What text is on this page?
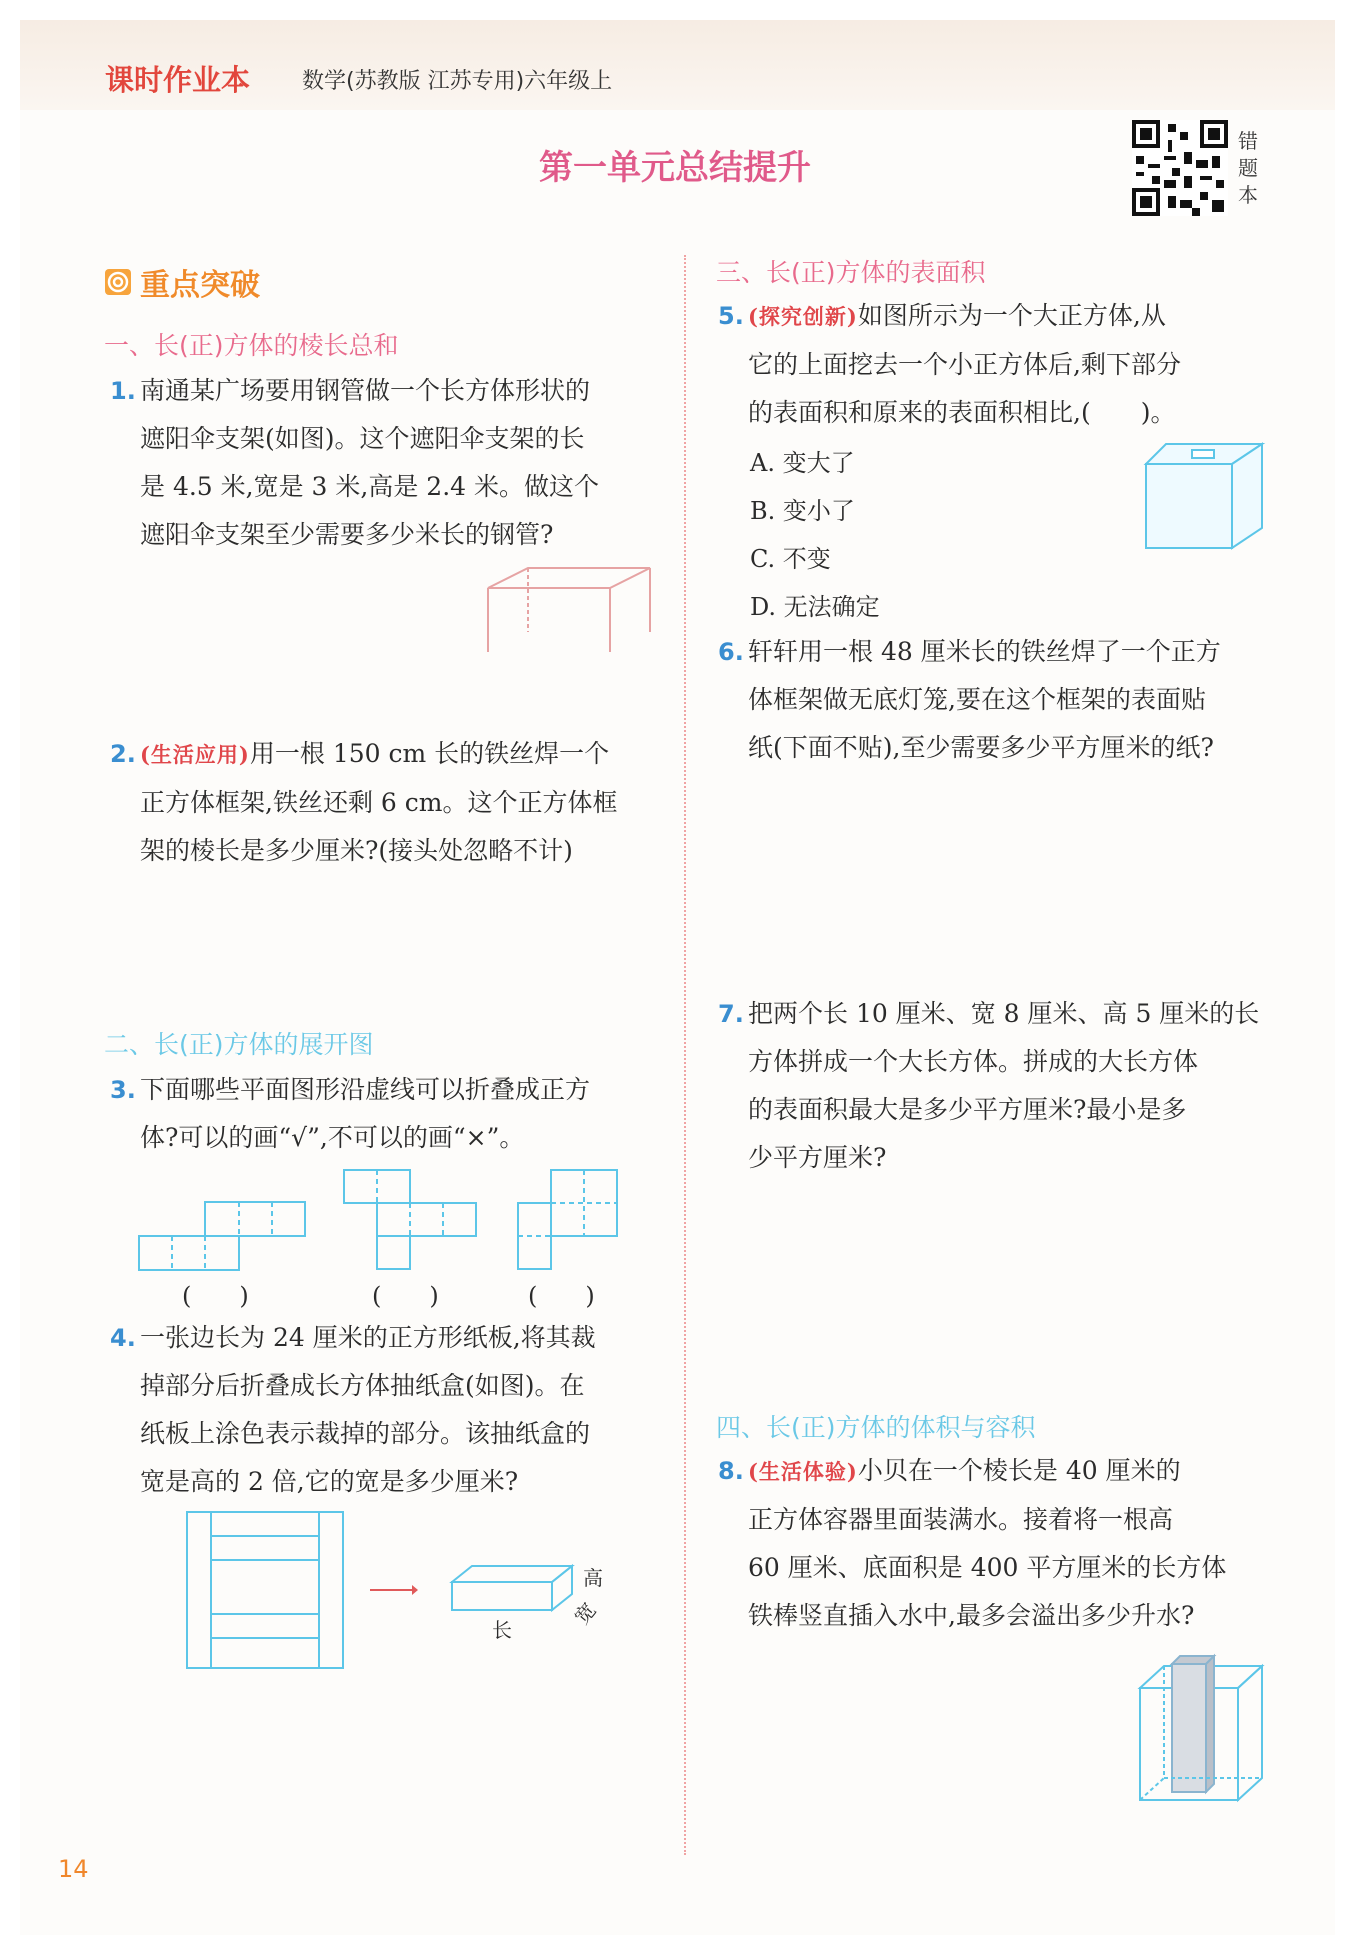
课时作业本 数学(苏教版 江苏专用)六年级上
第一单元总结提升
错题本
重点突破
一、长(正)方体的棱长总和
1. 南通某广场要用钢管做一个长方体形状的
遮阳伞支架(如图)。这个遮阳伞支架的长
是 4.5 米,宽是 3 米,高是 2.4 米。做这个
遮阳伞支架至少需要多少米长的钢管?
2. (生活应用)用一根 150 cm 长的铁丝焊一个
正方体框架,铁丝还剩 6 cm。这个正方体框
架的棱长是多少厘米?(接头处忽略不计)
二、长(正)方体的展开图
3. 下面哪些平面图形沿虚线可以折叠成正方
体?可以的画“√”,不可以的画“×”。
(　　)	(　　)	(　　)
4. 一张边长为 24 厘米的正方形纸板,将其裁
掉部分后折叠成长方体抽纸盒(如图)。在
纸板上涂色表示裁掉的部分。该抽纸盒的
宽是高的 2 倍,它的宽是多少厘米?
长
高
宽
三、长(正)方体的表面积
5. (探究创新)如图所示为一个大正方体,从
它的上面挖去一个小正方体后,剩下部分
的表面积和原来的表面积相比,(　　)。
A. 变大了
B. 变小了
C. 不变
D. 无法确定
6. 轩轩用一根 48 厘米长的铁丝焊了一个正方
体框架做无底灯笼,要在这个框架的表面贴
纸(下面不贴),至少需要多少平方厘米的纸?
7. 把两个长 10 厘米、宽 8 厘米、高 5 厘米的长
方体拼成一个大长方体。拼成的大长方体
的表面积最大是多少平方厘米?最小是多
少平方厘米?
四、长(正)方体的体积与容积
8. (生活体验)小贝在一个棱长是 40 厘米的
正方体容器里面装满水。接着将一根高
60 厘米、底面积是 400 平方厘米的长方体
铁棒竖直插入水中,最多会溢出多少升水?
14
